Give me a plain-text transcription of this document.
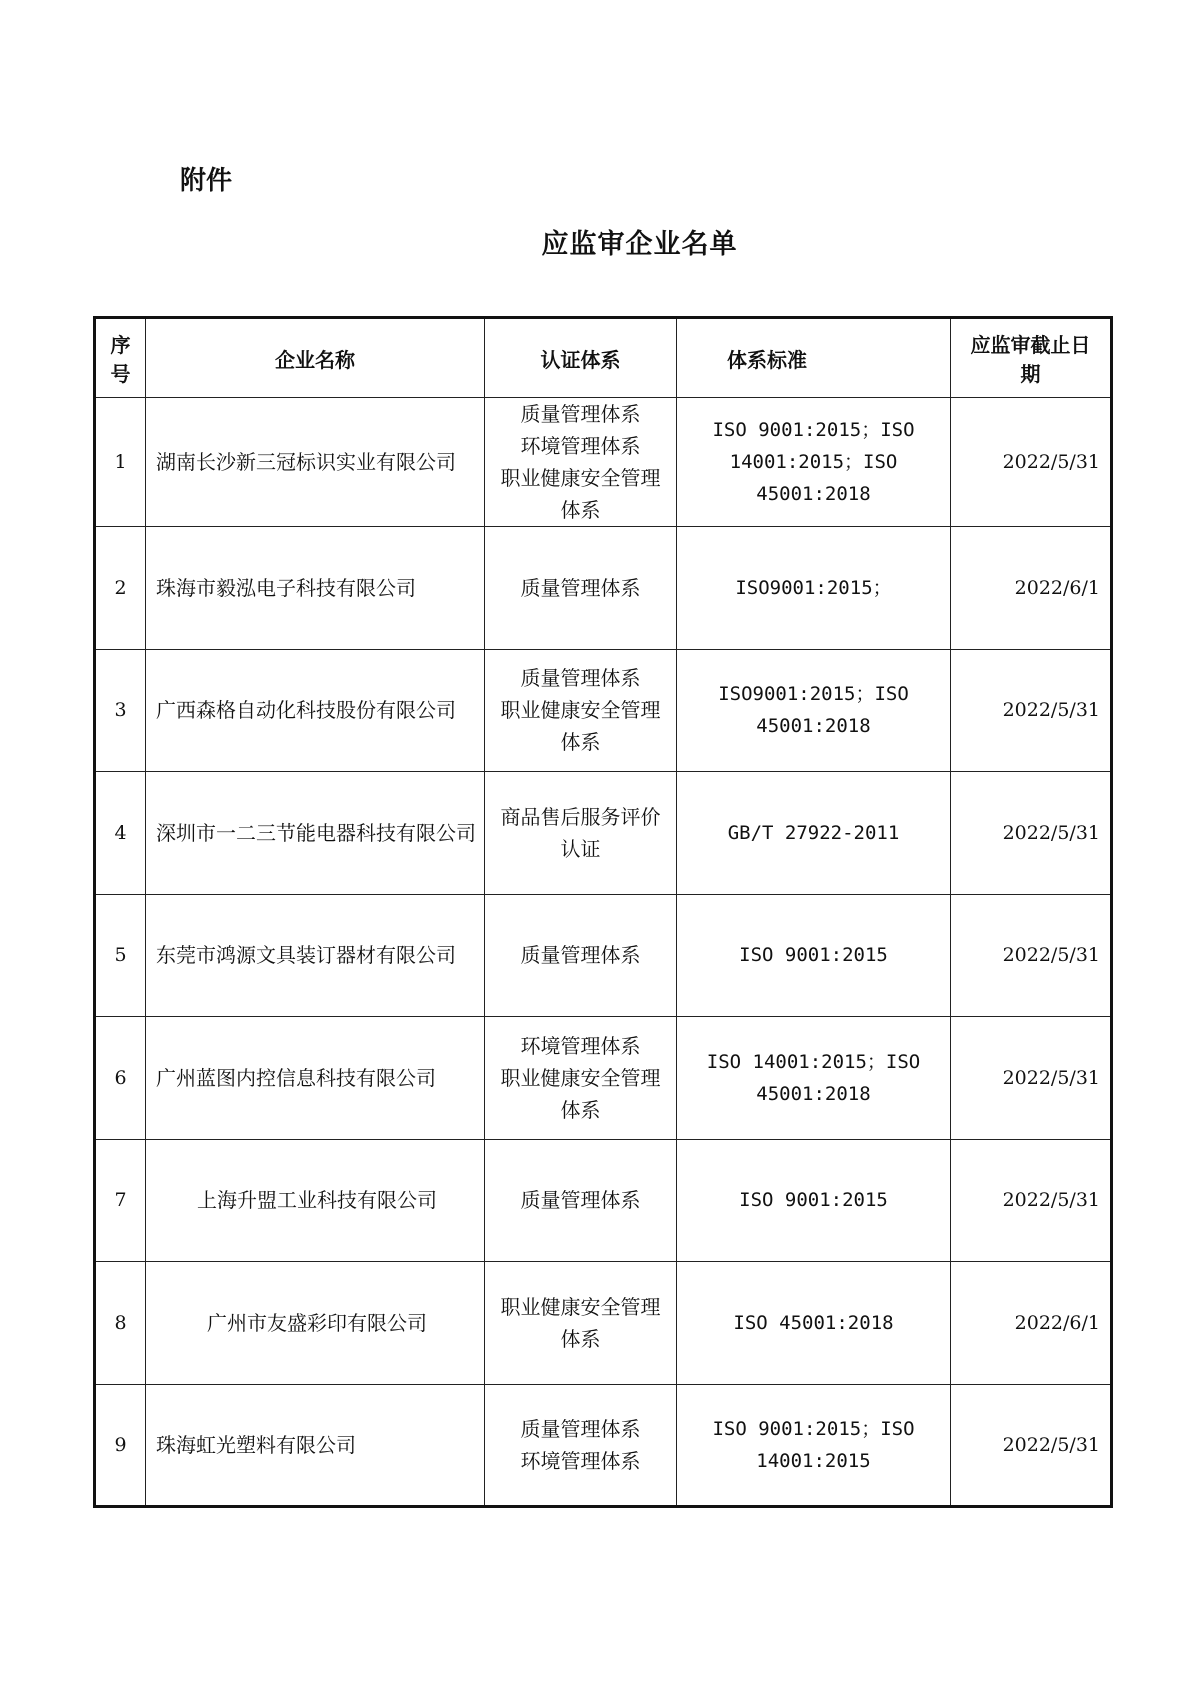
附件
应监审企业名单
序号	企业名称	认证体系	体系标准	应监审截止日期
1	湖南长沙新三冠标识实业有限公司	质量管理体系
环境管理体系
职业健康安全管理体系	ISO 9001:2015；ISO 14001:2015；ISO 45001:2018	2022/5/31
2	珠海市毅泓电子科技有限公司	质量管理体系	ISO9001:2015；	2022/6/1
3	广西森格自动化科技股份有限公司	质量管理体系
职业健康安全管理体系	ISO9001:2015；ISO 45001:2018	2022/5/31
4	深圳市一二三节能电器科技有限公司	商品售后服务评价认证	GB/T 27922-2011	2022/5/31
5	东莞市鸿源文具装订器材有限公司	质量管理体系	ISO 9001:2015	2022/5/31
6	广州蓝图内控信息科技有限公司	环境管理体系
职业健康安全管理体系	ISO 14001:2015；ISO 45001:2018	2022/5/31
7	上海升盟工业科技有限公司	质量管理体系	ISO 9001:2015	2022/5/31
8	广州市友盛彩印有限公司	职业健康安全管理体系	ISO 45001:2018	2022/6/1
9	珠海虹光塑料有限公司	质量管理体系
环境管理体系	ISO 9001:2015；ISO 14001:2015	2022/5/31
